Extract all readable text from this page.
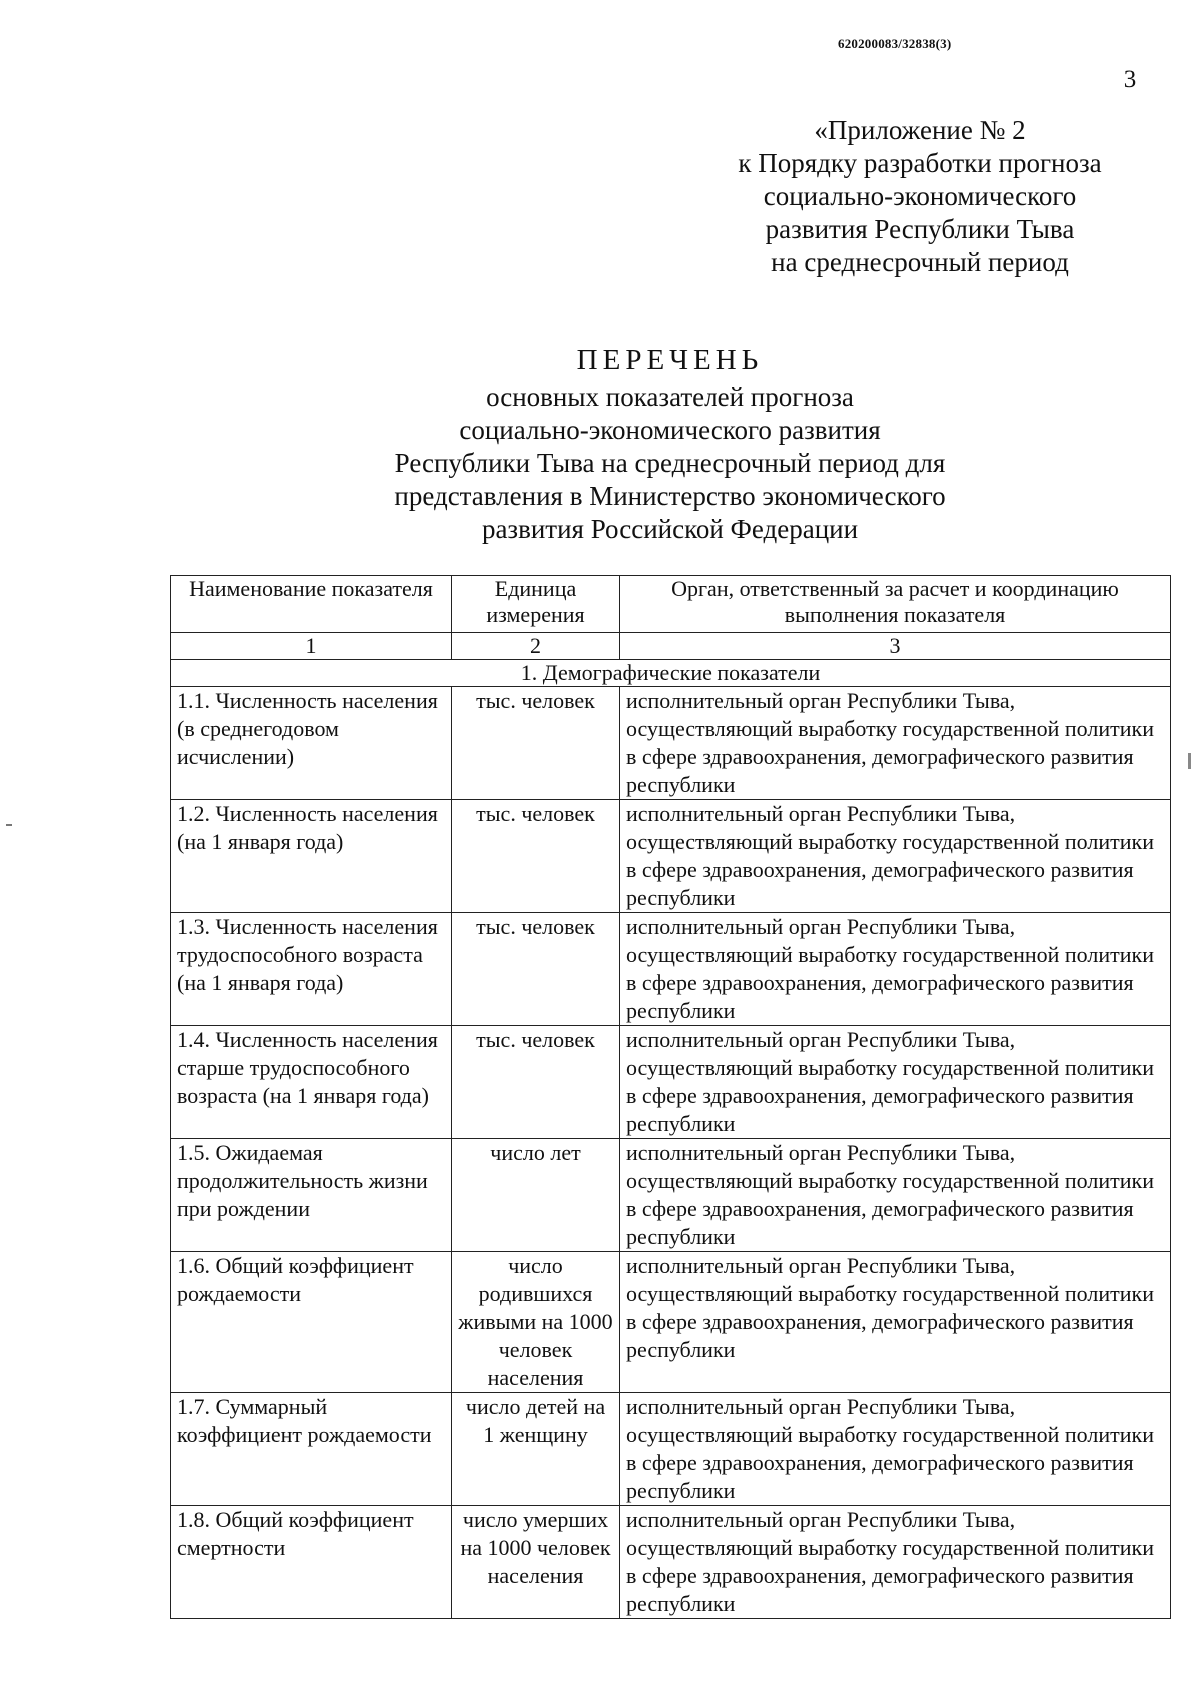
620200083/32838(3)
3
«Приложение № 2
к Порядку разработки прогноза
социально-экономического
развития Республики Тыва
на среднесрочный период
ПЕРЕЧЕНЬ
основных показателей прогноза
социально-экономического развития
Республики Тыва на среднесрочный период для
представления в Министерство экономического
развития Российской Федерации
Наименование показателя	Единица измерения	Орган, ответственный за расчет и координацию выполнения показателя
1	2	3
1. Демографические показатели		
1.1. Численность населения (в среднегодовом исчислении)	тыс. человек	исполнительный орган Республики Тыва, осуществляющий выработку государственной политики в сфере здравоохранения, демографического развития республики
1.2. Численность населения (на 1 января года)	тыс. человек	исполнительный орган Республики Тыва, осуществляющий выработку государственной политики в сфере здравоохранения, демографического развития республики
1.3. Численность населения трудоспособного возраста (на 1 января года)	тыс. человек	исполнительный орган Республики Тыва, осуществляющий выработку государственной политики в сфере здравоохранения, демографического развития республики
1.4. Численность населения старше трудоспособного возраста (на 1 января года)	тыс. человек	исполнительный орган Республики Тыва, осуществляющий выработку государственной политики в сфере здравоохранения, демографического развития республики
1.5. Ожидаемая продолжительность жизни при рождении	число лет	исполнительный орган Республики Тыва, осуществляющий выработку государственной политики в сфере здравоохранения, демографического развития республики
1.6. Общий коэффициент рождаемости	число родившихся живыми на 1000 человек населения	исполнительный орган Республики Тыва, осуществляющий выработку государственной политики в сфере здравоохранения, демографического развития республики
1.7. Суммарный коэффициент рождаемости	число детей на 1 женщину	исполнительный орган Республики Тыва, осуществляющий выработку государственной политики в сфере здравоохранения, демографического развития республики
1.8. Общий коэффициент смертности	число умерших на 1000 человек населения	исполнительный орган Республики Тыва, осуществляющий выработку государственной политики в сфере здравоохранения, демографического развития республики
